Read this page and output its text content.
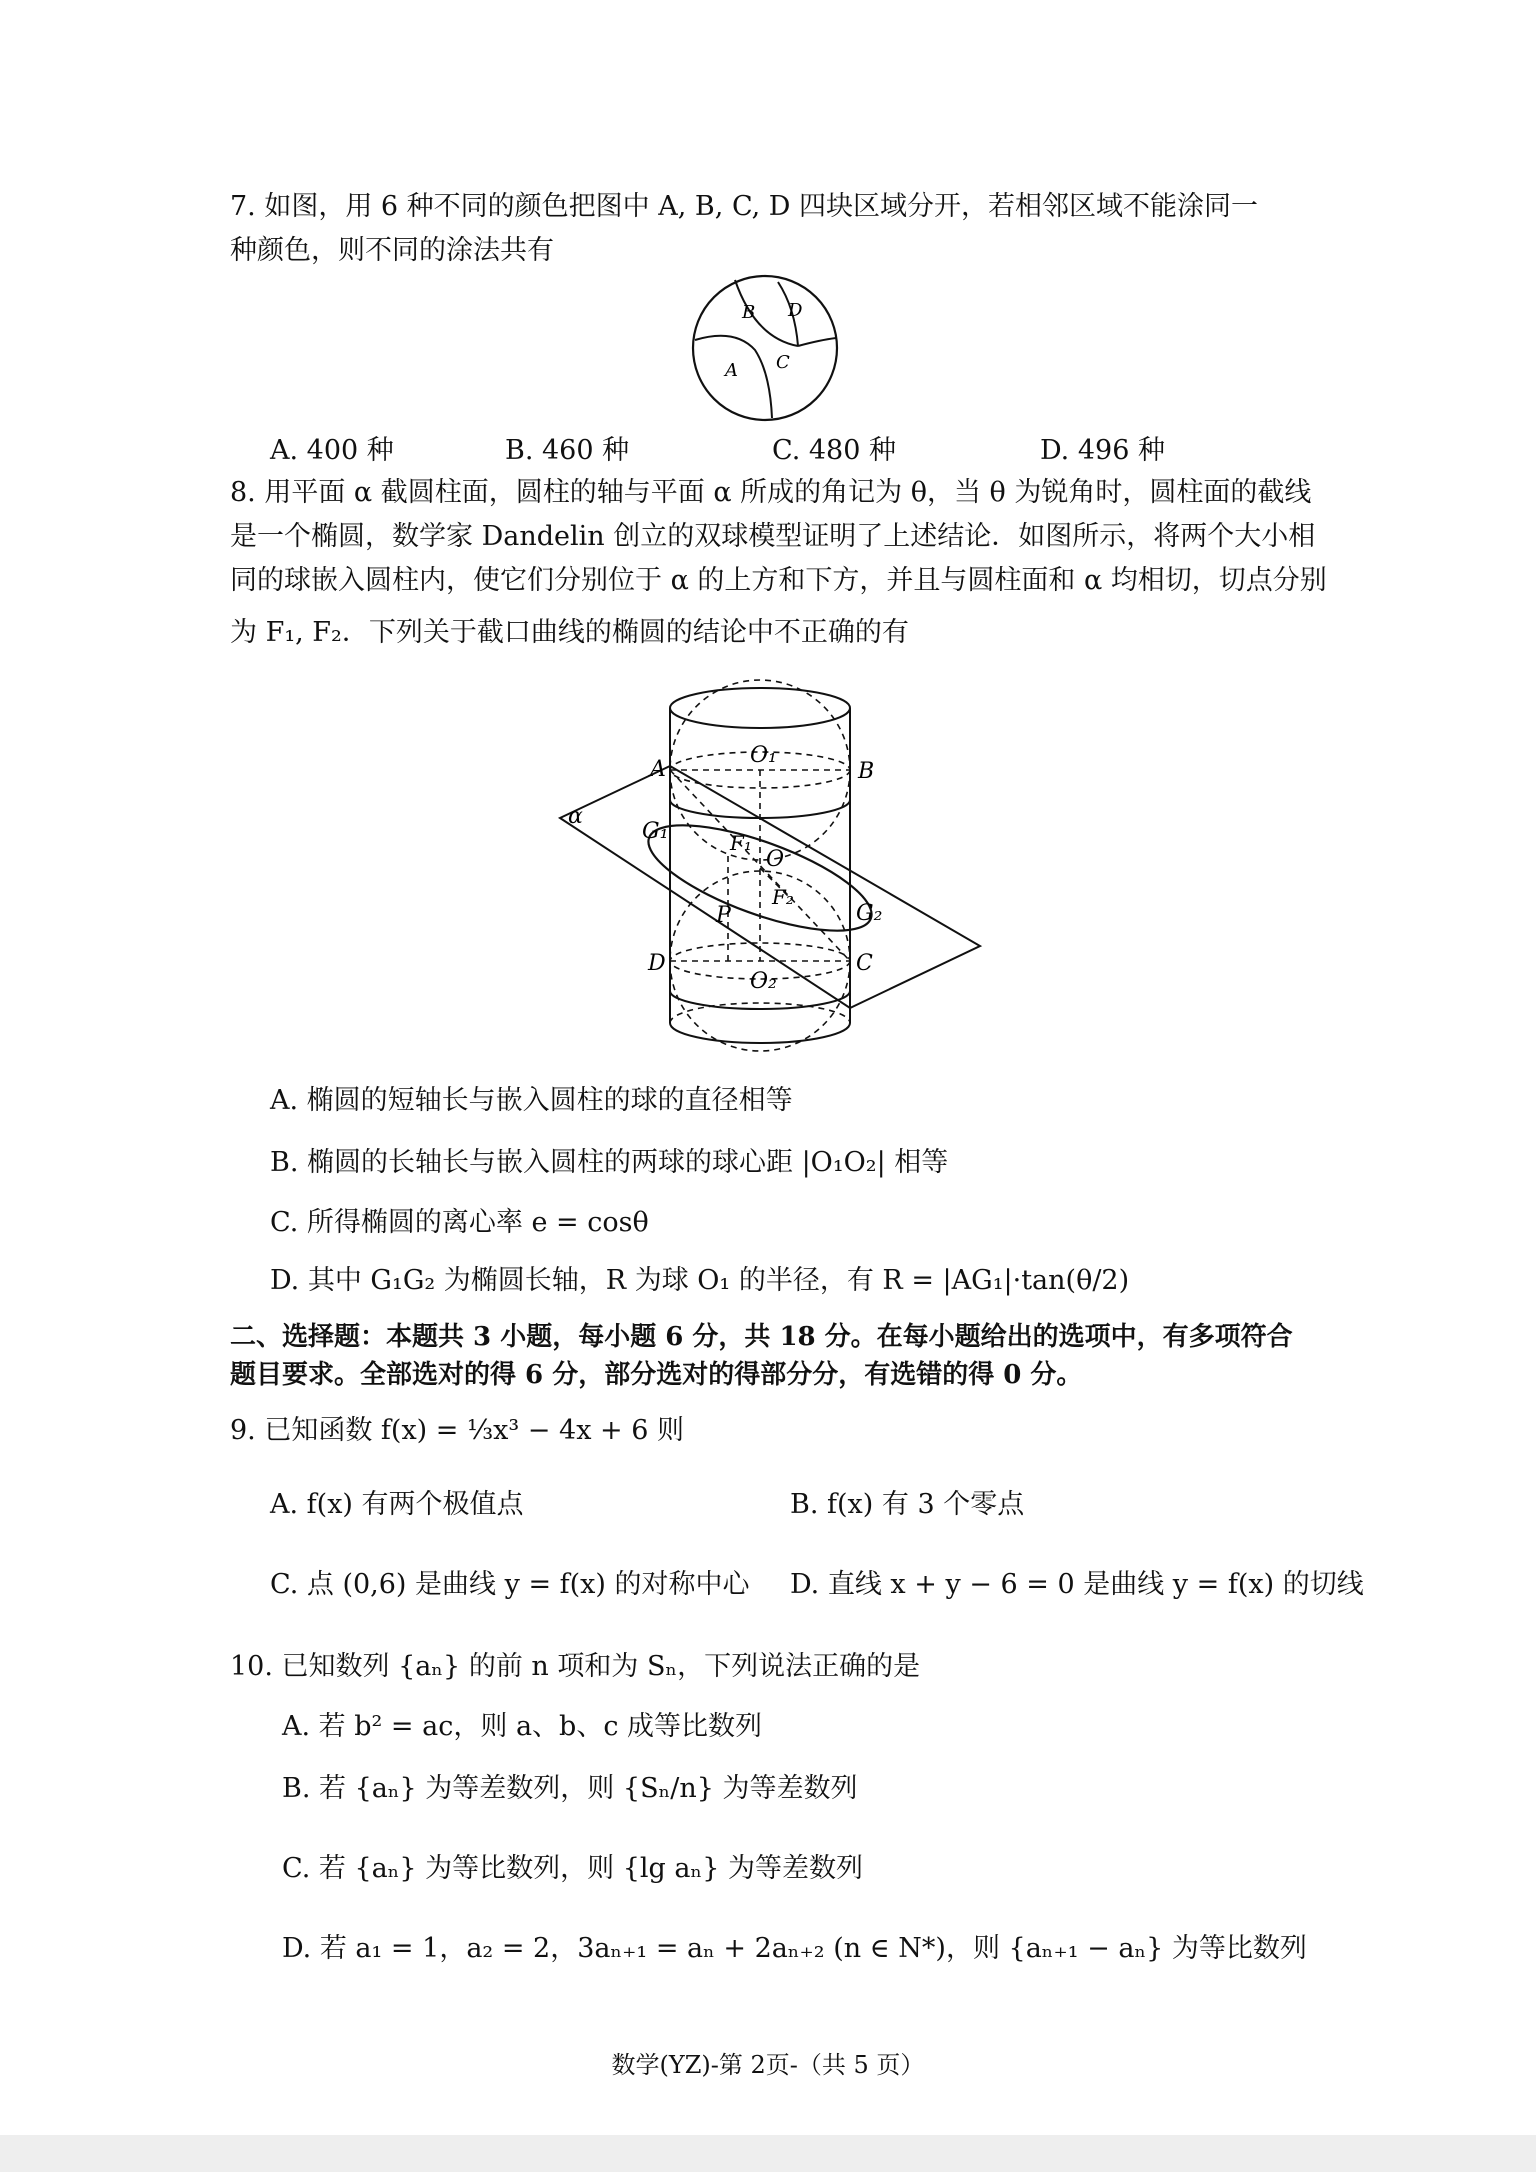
7. 如图，用 6 种不同的颜色把图中 A, B, C, D 四块区域分开，若相邻区域不能涂同一
种颜色，则不同的涂法共有
B D
A C
A. 400 种	B. 460 种	C. 480 种	D. 496 种
8. 用平面 α 截圆柱面，圆柱的轴与平面 α 所成的角记为 θ，当 θ 为锐角时，圆柱面的截线
是一个椭圆，数学家 Dandelin 创立的双球模型证明了上述结论．如图所示，将两个大小相
同的球嵌入圆柱内，使它们分别位于 α 的上方和下方，并且与圆柱面和 α 均相切，切点分别
为 F₁, F₂．下列关于截口曲线的椭圆的结论中不正确的有
α
A	B
O₁
G₁	F₁
O
F₂
G₂
P
D	C
O₂
A. 椭圆的短轴长与嵌入圆柱的球的直径相等
B. 椭圆的长轴长与嵌入圆柱的两球的球心距 |O₁O₂| 相等
C. 所得椭圆的离心率 e = cosθ
D. 其中 G₁G₂ 为椭圆长轴，R 为球 O₁ 的半径，有 R = |AG₁|·tan(θ/2)
二、选择题：本题共 3 小题，每小题 6 分，共 18 分。在每小题给出的选项中，有多项符合
题目要求。全部选对的得 6 分，部分选对的得部分分，有选错的得 0 分。
9. 已知函数 f(x) = ⅓x³ − 4x + 6 则
A. f(x) 有两个极值点	B. f(x) 有 3 个零点
C. 点 (0,6) 是曲线 y = f(x) 的对称中心 D. 直线 x + y − 6 = 0 是曲线 y = f(x) 的切线
10. 已知数列 {aₙ} 的前 n 项和为 Sₙ，下列说法正确的是
A. 若 b² = ac，则 a、b、c 成等比数列
B. 若 {aₙ} 为等差数列，则 {Sₙ/n} 为等差数列
C. 若 {aₙ} 为等比数列，则 {lg aₙ} 为等差数列
D. 若 a₁ = 1，a₂ = 2，3aₙ₊₁ = aₙ + 2aₙ₊₂ (n ∈ N*)，则 {aₙ₊₁ − aₙ} 为等比数列
数学(YZ)-第 2页-（共 5 页）
